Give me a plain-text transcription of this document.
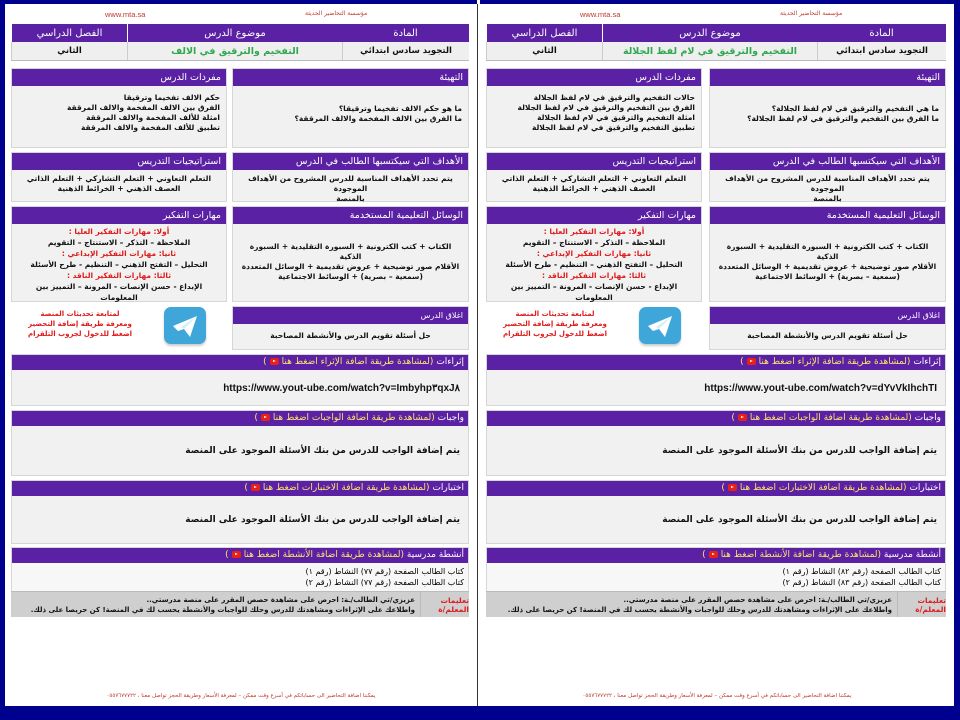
www.mta.sa	مؤسسة التحاضير الحديثة
المادة
موضوع الدرس
الفصل الدراسي
التجويد سادس ابتدائي
التفخيم والترقيق في الالف
الثاني
التهيئة
ما هو حكم الالف تفخيما وترقيقا؟
ما الفرق بين الالف المفخمة والالف المرققة؟
مفردات الدرس
حكم الالف تفخيما وترقيقا
الفرق بين الالف المفخمة والالف المرققة
امثلة للألف المفخمة والالف المرققة
تطبيق للألف المفخمة والالف المرققة
الأهداف التي سيكتسبها الطالب في الدرس
يتم تحدد الأهداف المناسبة للدرس المشروح من الأهداف الموجودة
بالمنصة
استراتيجيات التدريس
التعلم التعاوني + التعلم التشاركي + التعلم الذاتي
العصف الذهني + الخرائط الذهنية
الوسائل التعليمية المستخدمة
الكتاب + كتب الكترونية + السبورة التقليدية + السبورة الذكية
الأقلام صور توضيحية + عروض تقديمية + الوسائل المتعددة
(سمعية – بصرية) + الوسائط الاجتماعية
مهارات التفكير
أولا: مهارات التفكير العليا :
الملاحظة – التذكر – الاستنتاج – التقويم
ثانيا: مهارات التفكير الإبداعي :
التحليل – التفتح الذهني – التنظيم - طرح الأسئلة
ثالثا: مهارات التفكير الناقد :
الإبداع - حسن الإنصات - المرونة – التمييز بين المعلومات
اغلاق الدرس
حل أسئلة تقويم الدرس والأنشطة المصاحبة
لمتابعة تحديثات المنصة
ومعرفة طريقة إضافة التحضير
اضغط للدخول لجروب التلقرام
إثراءات (لمشاهدة طريقة اضافة الإثراء اضغط هنا)
https://www.yout-ube.com/watch?v=Imbyhp٣qxJ٨
واجبات (لمشاهدة طريقة اضافة الواجبات اضغط هنا)
يتم إضافة الواجب للدرس من بنك الأسئلة الموجود على المنصة
اختبارات (لمشاهدة طريقة اضافة الاختبارات اضغط هنا)
يتم إضافة الواجب للدرس من بنك الأسئلة الموجود على المنصة
أنشطة مدرسية (لمشاهدة طريقة اضافة الأنشطة اضغط هنا)
كتاب الطالب الصفحة (رقم ٧٧) النشاط (رقم ١)
كتاب الطالب الصفحة (رقم ٧٧) النشاط (رقم ٢)
تعليمات المعلم/ة
عزيزي/تي الطالب/ـة: احرص على مشاهدة حصص المقرر على منصة مدرستي..
واطلاعك على الإثراءات ومشاهدتك للدرس وحلك للواجبات والأنشطة يحسب لك في المنصة! كن حريصا على ذلك.
يمكننا اضافة التحاضير الى حساباتكم في أسرع وقت ممكن – لمعرفة الأسعار وطريقة الحجز تواصل معنا ، ٠٥٥٧٦٧٧٧٢٢
www.mta.sa	مؤسسة التحاضير الحديثة
المادة
موضوع الدرس
الفصل الدراسي
التجويد سادس ابتدائي
التفخيم والترقيق في لام لفظ الجلالة
الثاني
التهيئة
ما هي التفخيم والترقيق في لام لفظ الجلالة؟
ما الفرق بين التفخيم والترقيق في لام لفظ الجلالة؟
مفردات الدرس
حالات التفخيم والترقيق في لام لفظ الجلالة
الفرق بين التفخيم والترقيق في لام لفظ الجلالة
امثلة التفخيم والترقيق في لام لفظ الجلالة
تطبيق التفخيم والترقيق في لام لفظ الجلالة
الأهداف التي سيكتسبها الطالب في الدرس
يتم تحدد الأهداف المناسبة للدرس المشروح من الأهداف الموجودة
بالمنصة
استراتيجيات التدريس
التعلم التعاوني + التعلم التشاركي + التعلم الذاتي
العصف الذهني + الخرائط الذهنية
الوسائل التعليمية المستخدمة
الكتاب + كتب الكترونية + السبورة التقليدية + السبورة الذكية
الأقلام صور توضيحية + عروض تقديمية + الوسائل المتعددة
(سمعية – بصرية) + الوسائط الاجتماعية
مهارات التفكير
أولا: مهارات التفكير العليا :
الملاحظة – التذكر – الاستنتاج – التقويم
ثانيا: مهارات التفكير الإبداعي :
التحليل – التفتح الذهني – التنظيم - طرح الأسئلة
ثالثا: مهارات التفكير الناقد :
الإبداع - حسن الإنصات - المرونة – التمييز بين المعلومات
اغلاق الدرس
حل أسئلة تقويم الدرس والأنشطة المصاحبة
لمتابعة تحديثات المنصة
ومعرفة طريقة إضافة التحضير
اضغط للدخول لجروب التلقرام
إثراءات (لمشاهدة طريقة اضافة الإثراء اضغط هنا)
https://www.yout-ube.com/watch?v=dYvVkIhchTI
واجبات (لمشاهدة طريقة اضافة الواجبات اضغط هنا)
يتم إضافة الواجب للدرس من بنك الأسئلة الموجود على المنصة
اختبارات (لمشاهدة طريقة اضافة الاختبارات اضغط هنا)
يتم إضافة الواجب للدرس من بنك الأسئلة الموجود على المنصة
أنشطة مدرسية (لمشاهدة طريقة اضافة الأنشطة اضغط هنا)
كتاب الطالب الصفحة (رقم ٨٢) النشاط (رقم ١)
كتاب الطالب الصفحة (رقم ٨٣) النشاط (رقم ٢)
تعليمات المعلم/ة
عزيزي/تي الطالب/ـة: احرص على مشاهدة حصص المقرر على منصة مدرستي..
واطلاعك على الإثراءات ومشاهدتك للدرس وحلك للواجبات والأنشطة يحسب لك في المنصة! كن حريصا على ذلك.
يمكننا اضافة التحاضير الى حساباتكم في أسرع وقت ممكن – لمعرفة الأسعار وطريقة الحجز تواصل معنا ، ٠٥٥٧٦٧٧٧٢٢
